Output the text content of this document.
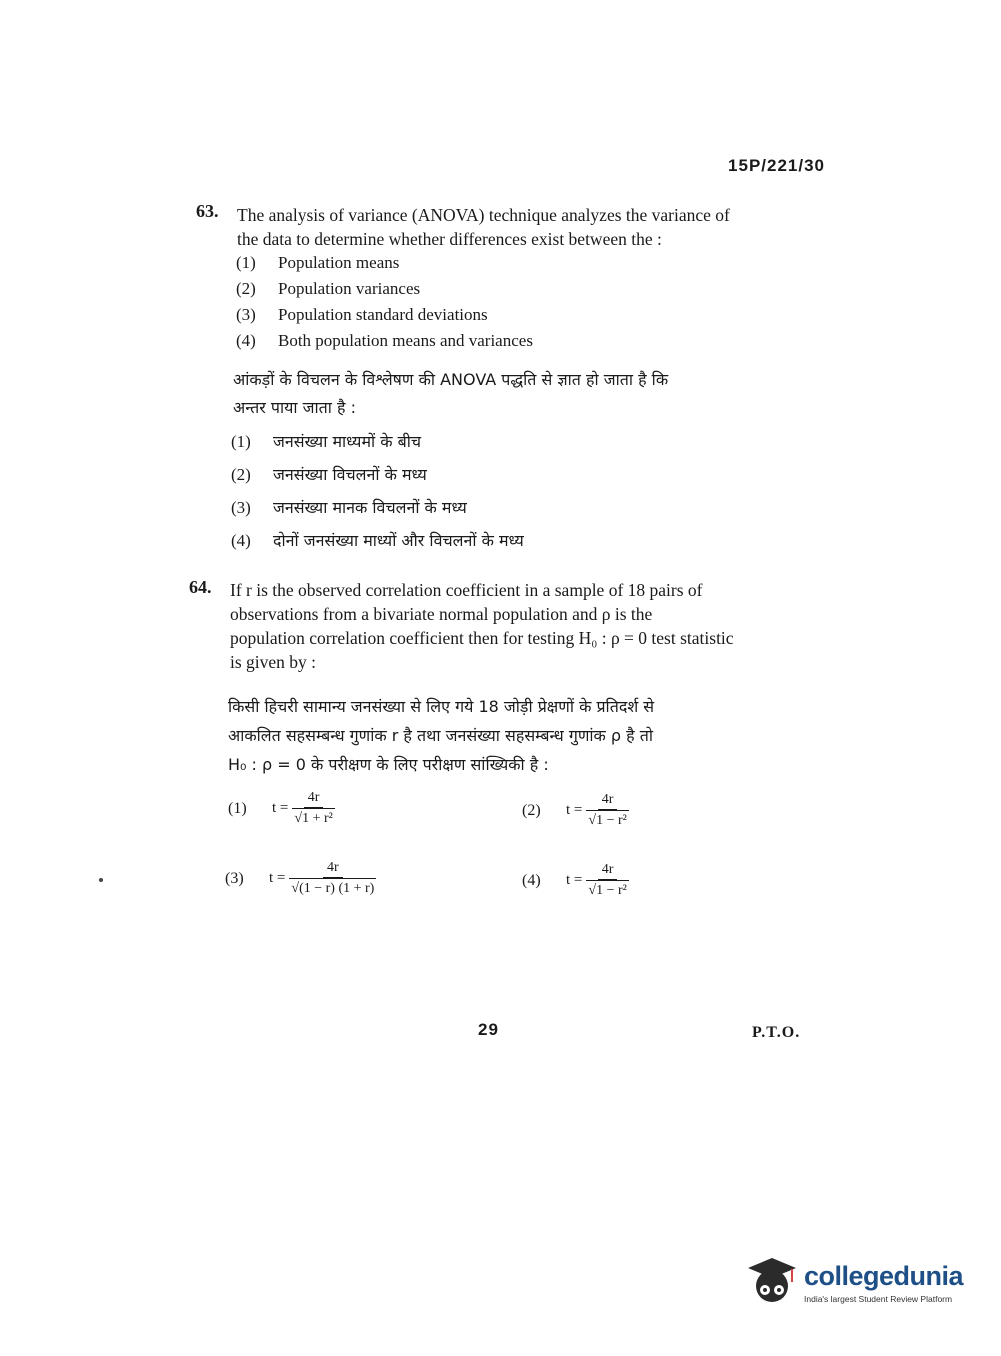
15P/221/30
63. The analysis of variance (ANOVA) technique analyzes the variance of
the data to determine whether differences exist between the :
(1) Population means
(2) Population variances
(3) Population standard deviations
(4) Both population means and variances
आंकड़ों के विचलन के विश्लेषण की ANOVA पद्धति से ज्ञात हो जाता है कि
अन्तर पाया जाता है :
(1) जनसंख्या माध्यमों के बीच
(2) जनसंख्या विचलनों के मध्य
(3) जनसंख्या मानक विचलनों के मध्य
(4) दोनों जनसंख्या माध्यों और विचलनों के मध्य
64. If r is the observed correlation coefficient in a sample of 18 pairs of
observations from a bivariate normal population and ρ is the
population correlation coefficient then for testing H₀ : ρ = 0 test statistic
is given by :
किसी हिचरी सामान्य जनसंख्या से लिए गये 18 जोड़ी प्रेक्षणों के प्रतिदर्श से
आकलित सहसम्बन्ध गुणांक r है तथा जनसंख्या सहसम्बन्ध गुणांक ρ है तो
H₀ : ρ = 0 के परीक्षण के लिए परीक्षण सांख्यिकी है :
(1)	$t = \frac{4r}{\text{√1 + r²}}$	(2)	$t = \frac{4r}{\text{√1 − r²}}$
(3)	$t = \frac{4r}{√(1 - r) (1 + r)}$	(4)	$t = \frac{4r}{\text{√1 − r²}}$
29	P.T.O.
collegedunia
India's largest Student Review Platform
